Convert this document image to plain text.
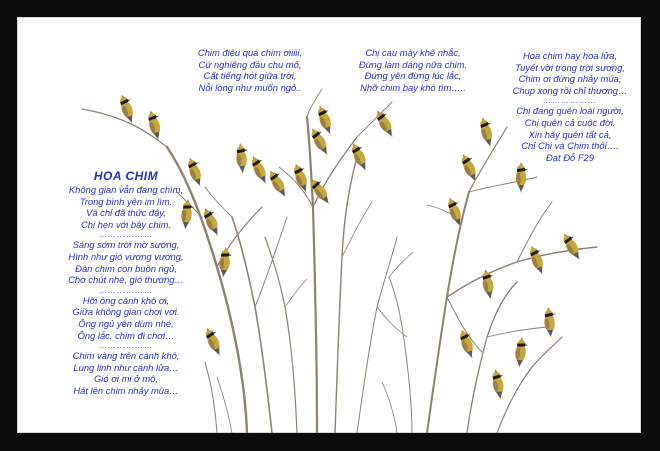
Chim điệu quá chim ơiiiii,
Cứ nghiêng đầu chu mỏ,
Cất tiếng hót giữa trời,
Nỗi lòng như muốn ngỏ..
Chị cau mày khẽ nhắc,
Đừng làm dáng nữa chim.
Đứng yên đừng lúc lắc,
Nhỡ chim bay khó tìm…..
Hoa chim hay hoa lửa,
Tuyết vời trong trời sương,
Chim ơi đừng nhảy múa,
Chụp xong rồi chỉ thương…
………………
Chị đang quên loài người,
Chị quên cả cuộc đời.
Xin hãy quên tất cả,
Chỉ Chị và Chim thôi….
Đạt Đỗ F29
HOA CHIM
Không gian vẫn đang chìm,
Trong bình yên im lìm.
Và chỉ đã thức dậy,
Chị hẹn với bầy chim.
………………
Sáng sớm trời mờ sương,
Hình như gió vương vương,
Đàn chim còn buồn ngủ,
Chờ chút nhé, gió thương…
………………
Hỡi ông cành khô ơi,
Giữa không gian chơi vơi.
Ông ngủ yên dùm nhé,
Ông lắc, chim đi chơi…
………………
Chim vàng trên cành khô,
Lung linh như cánh lửa…
Gió ơi mi ở mô,
Hát lên chim nhảy múa…
